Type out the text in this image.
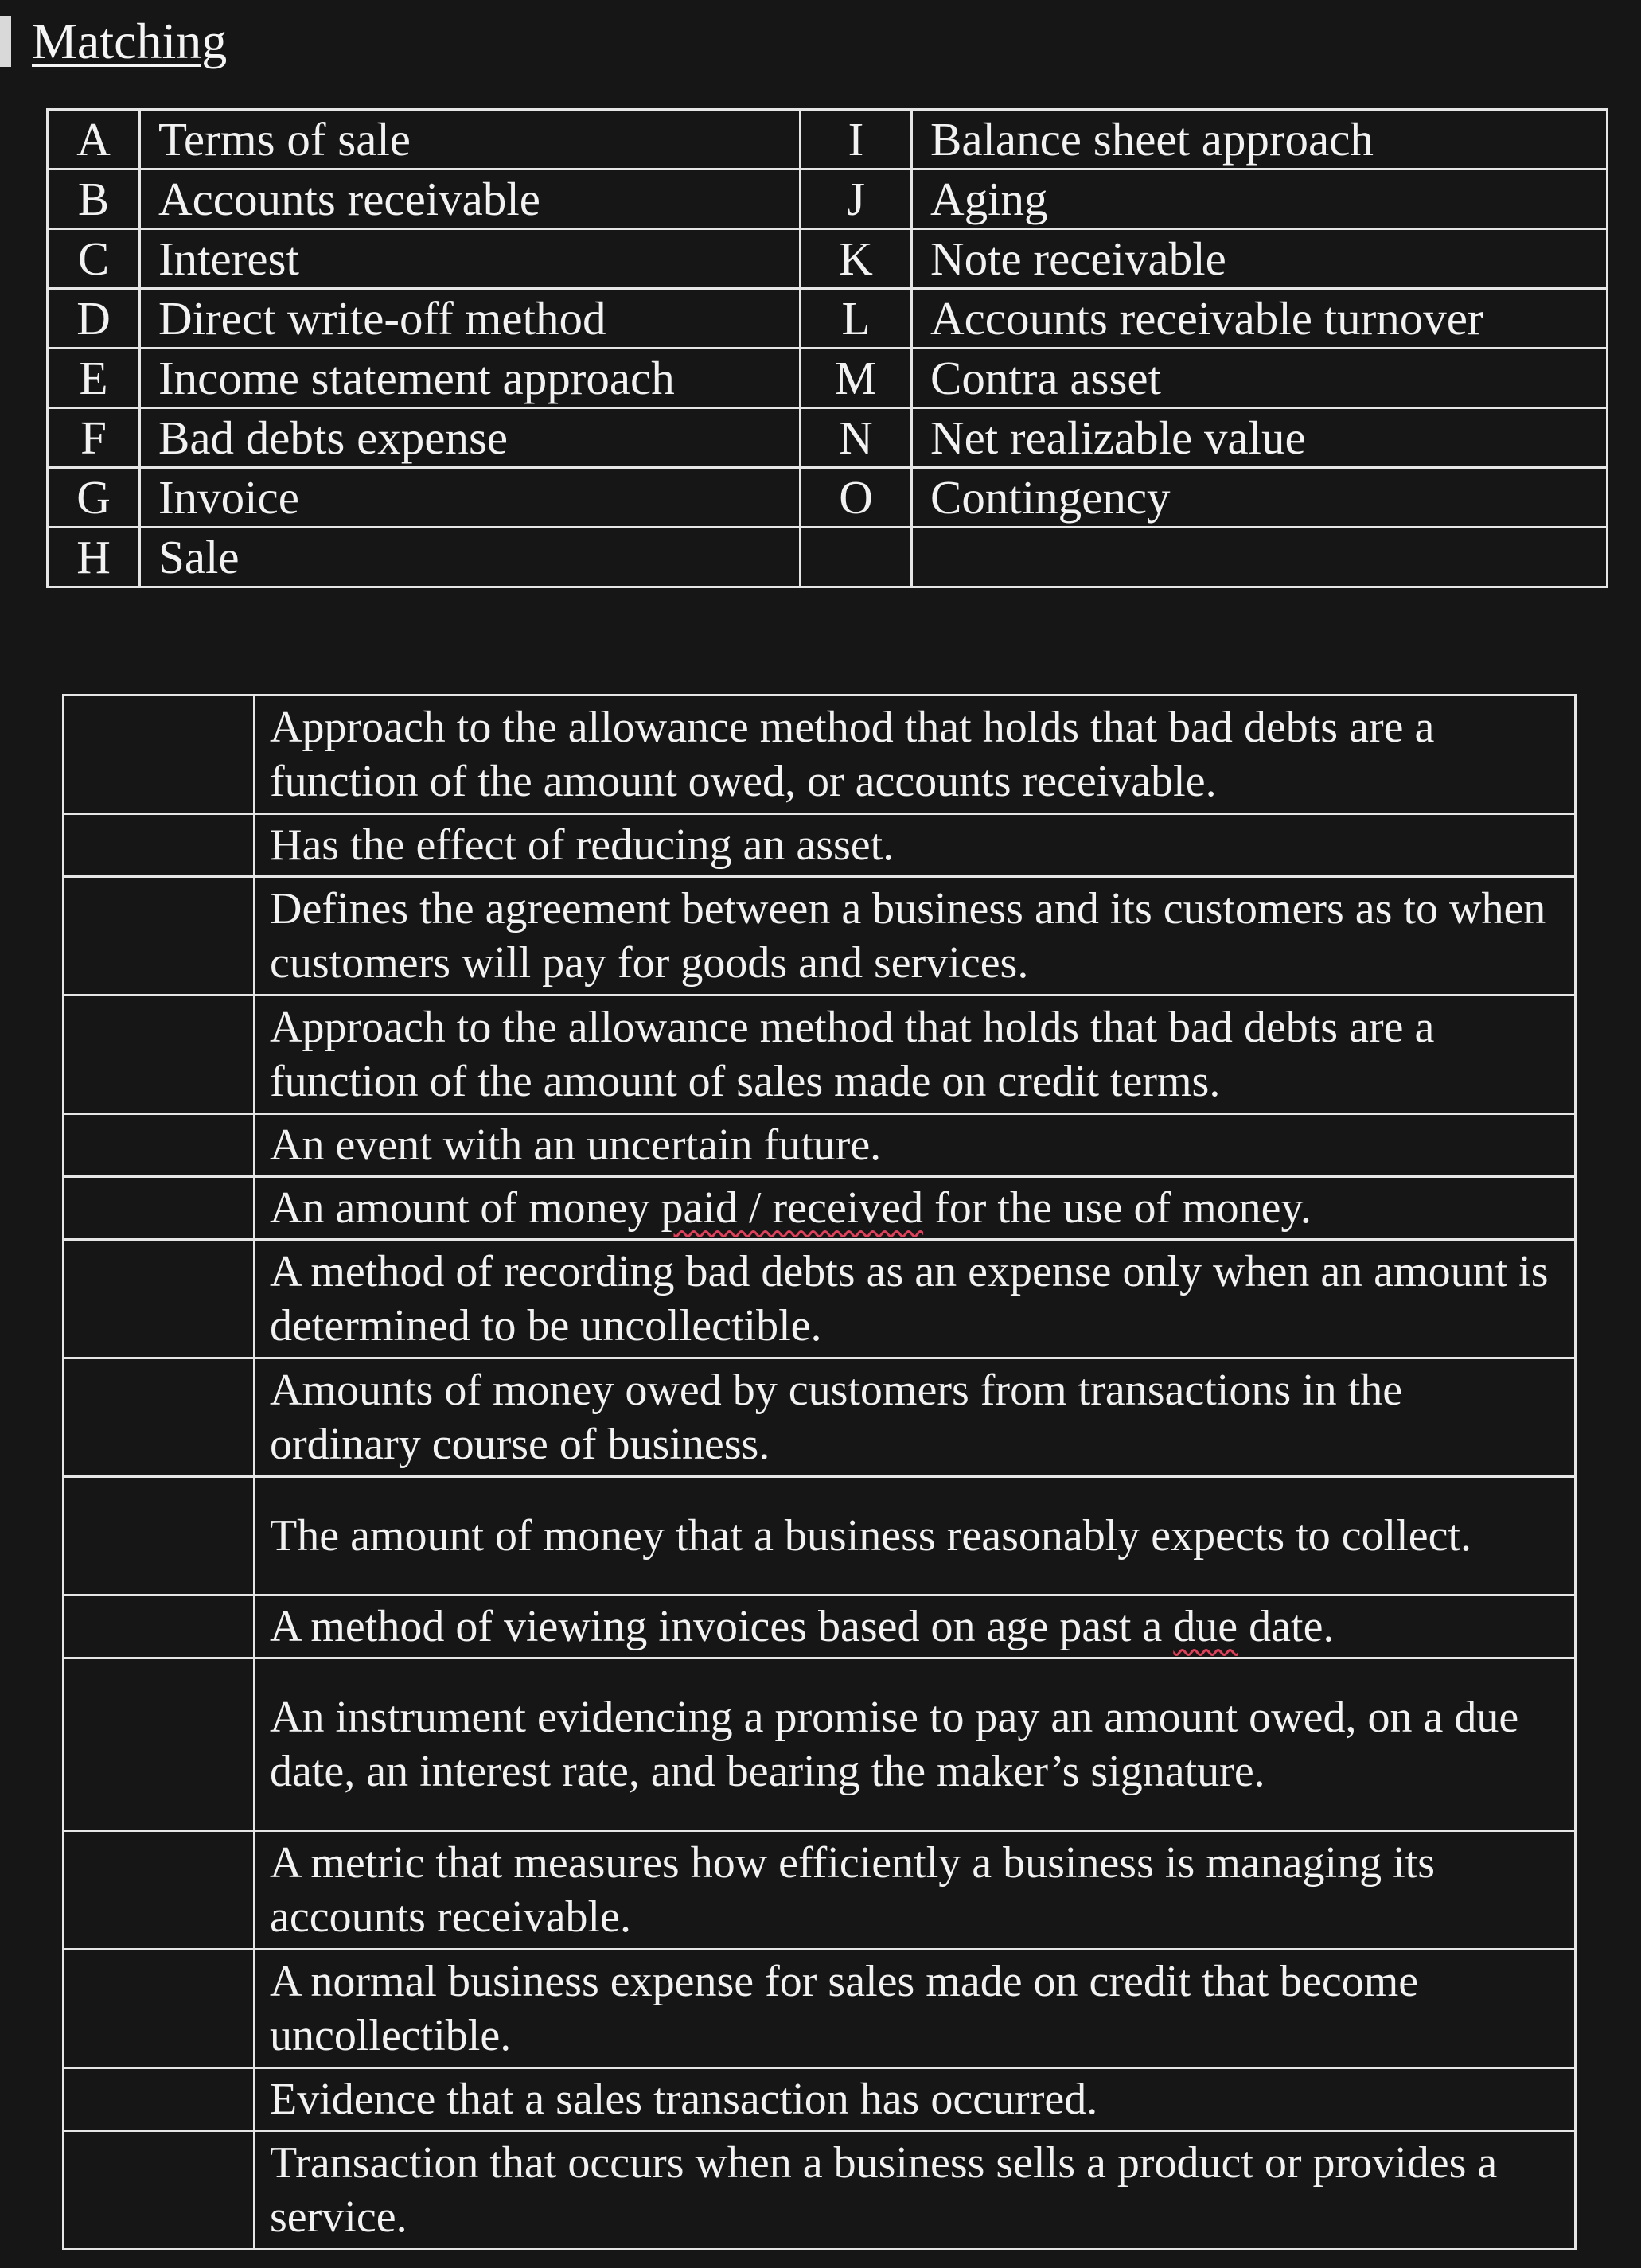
Matching
A	Terms of sale	I	Balance sheet approach
B	Accounts receivable	J	Aging
C	Interest	K	Note receivable
D	Direct write-off method	L	Accounts receivable turnover
E	Income statement approach	M	Contra asset
F	Bad debts expense	N	Net realizable value
G	Invoice	O	Contingency
H	Sale		
	Approach to the allowance method that holds that bad debts are a function of the amount owed, or accounts receivable.
	Has the effect of reducing an asset.
	Defines the agreement between a business and its customers as to when customers will pay for goods and services.
	Approach to the allowance method that holds that bad debts are a function of the amount of sales made on credit terms.
	An event with an uncertain future.
	An amount of money paid / received for the use of money.
	A method of recording bad debts as an expense only when an amount is determined to be uncollectible.
	Amounts of money owed by customers from transactions in the ordinary course of business.
	The amount of money that a business reasonably expects to collect.
	A method of viewing invoices based on age past a due date.
	An instrument evidencing a promise to pay an amount owed, on a due date, an interest rate, and bearing the maker’s signature.
	A metric that measures how efficiently a business is managing its accounts receivable.
	A normal business expense for sales made on credit that become uncollectible.
	Evidence that a sales transaction has occurred.
	Transaction that occurs when a business sells a product or provides a service.
